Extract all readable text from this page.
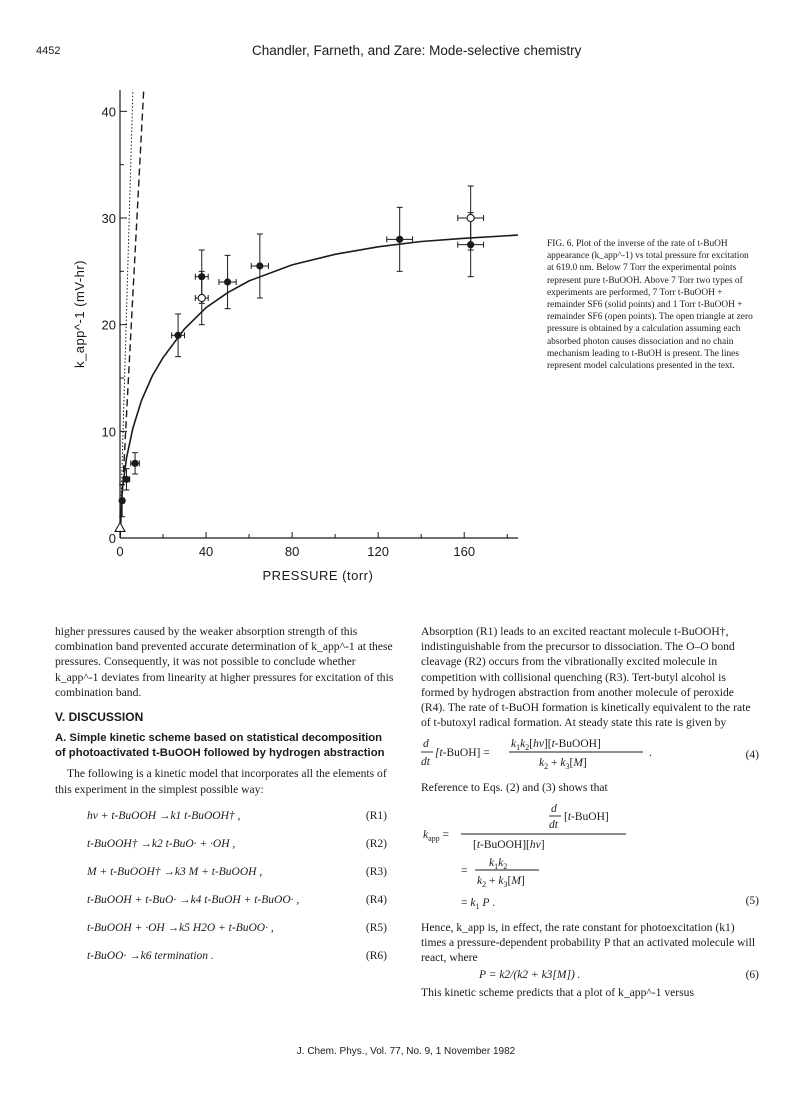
4452	Chandler, Farneth, and Zare: Mode-selective chemistry
0	40	80	120	160
0
10
20
30
40
PRESSURE (torr)
k_app^-1 (mV-hr)
FIG. 6. Plot of the inverse of the rate of t-BuOH appearance (k_app^-1) vs total pressure for excitation at 619.0 nm. Below 7 Torr the experimental points represent pure t-BuOOH. Above 7 Torr two types of experiments are performed, 7 Torr t-BuOOH + remainder SF6 (solid points) and 1 Torr t-BuOOH + remainder SF6 (open points). The open triangle at zero pressure is obtained by a calculation assuming each absorbed photon causes dissociation and no chain mechanism leading to t-BuOH is present. The lines represent model calculations presented in the text.

higher pressures caused by the weaker absorption strength of this combination band prevented accurate determination of k_app^-1 at these pressures. Consequently, it was not possible to conclude whether k_app^-1 deviates from linearity at higher pressures for excitation of this combination band.

V. DISCUSSION

A. Simple kinetic scheme based on statistical decomposition of photoactivated t-BuOOH followed by hydrogen abstraction

The following is a kinetic model that incorporates all the elements of this experiment in the simplest possible way:

hν + t-BuOOH →k1 t-BuOOH† ,	(R1)
t-BuOOH† →k2 t-BuO· + ·OH ,	(R2)
M + t-BuOOH† →k3 M + t-BuOOH ,	(R3)
t-BuOOH + t-BuO· →k4 t-BuOH + t-BuOO· ,	(R4)
t-BuOOH + ·OH →k5 H2O + t-BuOO· ,	(R5)
t-BuOO· →k6 termination .	(R6)

Absorption (R1) leads to an excited reactant molecule t-BuOOH†, indistinguishable from the precursor to dissociation. The O–O bond cleavage (R2) occurs from the vibrationally excited molecule in competition with collisional quenching (R3). Tert-butyl alcohol is formed by hydrogen abstraction from another molecule of peroxide (R4). The rate of t-BuOH formation is kinetically equivalent to the rate of t-butoxyl radical formation. At steady state this rate is given by

d
dt
[t-BuOH] =
$k_1k_2[h\nu][t-BuOOH]$
$k_2 + k_3[M]$
.	(4)

Reference to Eqs. (2) and (3) shows that

d
dt
[t-BuOH]
$k_{app}$ =
[t-BuOOH][hν]
=
$k_1k_2$
$k_2 + k_3[M]$
= $k_1$ P .	(5)

Hence, k_app is, in effect, the rate constant for photoexcitation (k1) times a pressure-dependent probability P that an activated molecule will react, where

P = k2/(k2 + k3[M]) .	(6)

This kinetic scheme predicts that a plot of k_app^-1 versus

J. Chem. Phys., Vol. 77, No. 9, 1 November 1982
